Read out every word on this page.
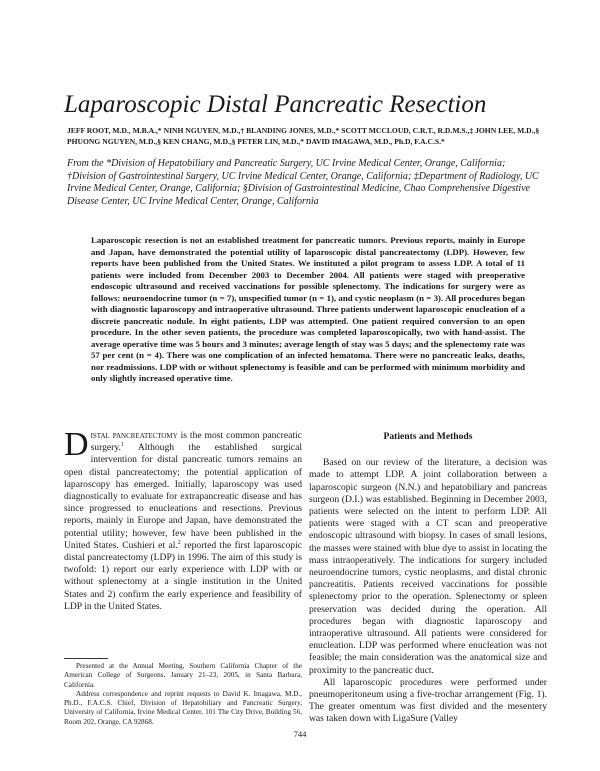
Laparoscopic Distal Pancreatic Resection
JEFF ROOT, M.D., M.B.A.,* NINH NGUYEN, M.D.,† BLANDING JONES, M.D.,* SCOTT MCCLOUD, C.R.T., R.D.M.S.,‡ JOHN LEE, M.D.,§ PHUONG NGUYEN, M.D.,§ KEN CHANG, M.D.,§ PETER LIN, M.D.,* DAVID IMAGAWA, M.D., Ph.D, F.A.C.S.*
From the *Division of Hepatobiliary and Pancreatic Surgery, UC Irvine Medical Center, Orange, California; †Division of Gastrointestinal Surgery, UC Irvine Medical Center, Orange, California; ‡Department of Radiology, UC Irvine Medical Center, Orange, California; §Division of Gastrointestinal Medicine, Chao Comprehensive Digestive Disease Center, UC Irvine Medical Center, Orange, California
Laparoscopic resection is not an established treatment for pancreatic tumors. Previous reports, mainly in Europe and Japan, have demonstrated the potential utility of laparoscopic distal pancreatectomy (LDP). However, few reports have been published from the United States. We instituted a pilot program to assess LDP. A total of 11 patients were included from December 2003 to December 2004. All patients were staged with preoperative endoscopic ultrasound and received vaccinations for possible splenectomy. The indications for surgery were as follows: neuroendocrine tumor (n = 7), unspecified tumor (n = 1), and cystic neoplasm (n = 3). All procedures began with diagnostic laparoscopy and intraoperative ultrasound. Three patients underwent laparoscopic enucleation of a discrete pancreatic nodule. In eight patients, LDP was attempted. One patient required conversion to an open procedure. In the other seven patients, the procedure was completed laparoscopically, two with hand-assist. The average operative time was 5 hours and 3 minutes; average length of stay was 5 days; and the splenectomy rate was 57 per cent (n = 4). There was one complication of an infected hematoma. There were no pancreatic leaks, deaths, nor readmissions. LDP with or without splenectomy is feasible and can be performed with minimum morbidity and only slightly increased operative time.
Distal pancreatectomy is the most common pancreatic surgery.$^1$ Although the established surgical intervention for distal pancreatic tumors remains an open distal pancreatectomy; the potential application of laparoscopy has emerged. Initially, laparoscopy was used diagnostically to evaluate for extrapancreatic disease and has since progressed to enucleations and resections. Previous reports, mainly in Europe and Japan, have demonstrated the potential utility; however, few have been published in the United States. Cushieri et al.$^2$ reported the first laparoscopic distal pancreatectomy (LDP) in 1996. The aim of this study is twofold: 1) report our early experience with LDP with or without splenectomy at a single institution in the United States and 2) confirm the early experience and feasibility of LDP in the United States.

Presented at the Annual Meeting, Southern California Chapter of the American College of Surgeons, January 21–23, 2005, in Santa Barbara, California.

Address correspondence and reprint requests to David K. Imagawa, M.D., Ph.D., F.A.C.S. Chief, Division of Hepatobiliary and Pancreatic Surgery, University of California, Irvine Medical Center, 101 The City Drive, Building 56, Room 202, Orange, CA 92868.

Patients and Methods

Based on our review of the literature, a decision was made to attempt LDP. A joint collaboration between a laparoscopic surgeon (N.N.) and hepatobiliary and pancreas surgeon (D.I.) was established. Beginning in December 2003, patients were selected on the intent to perform LDP. All patients were staged with a CT scan and preoperative endoscopic ultrasound with biopsy. In cases of small lesions, the masses were stained with blue dye to assist in locating the mass intraoperatively. The indications for surgery included neuroendocrine tumors, cystic neoplasms, and distal chronic pancreatitis. Patients received vaccinations for possible splenectomy prior to the operation. Splenectomy or spleen preservation was decided during the operation. All procedures began with diagnostic laparoscopy and intraoperative ultrasound. All patients were considered for enucleation. LDP was performed where enucleation was not feasible; the main consideration was the anatomical size and proximity to the pancreatic duct.

All laparoscopic procedures were performed under pneumoperitoneum using a five-trochar arrangement (Fig. 1). The greater omentum was first divided and the mesentery was taken down with LigaSure (Valley

744
